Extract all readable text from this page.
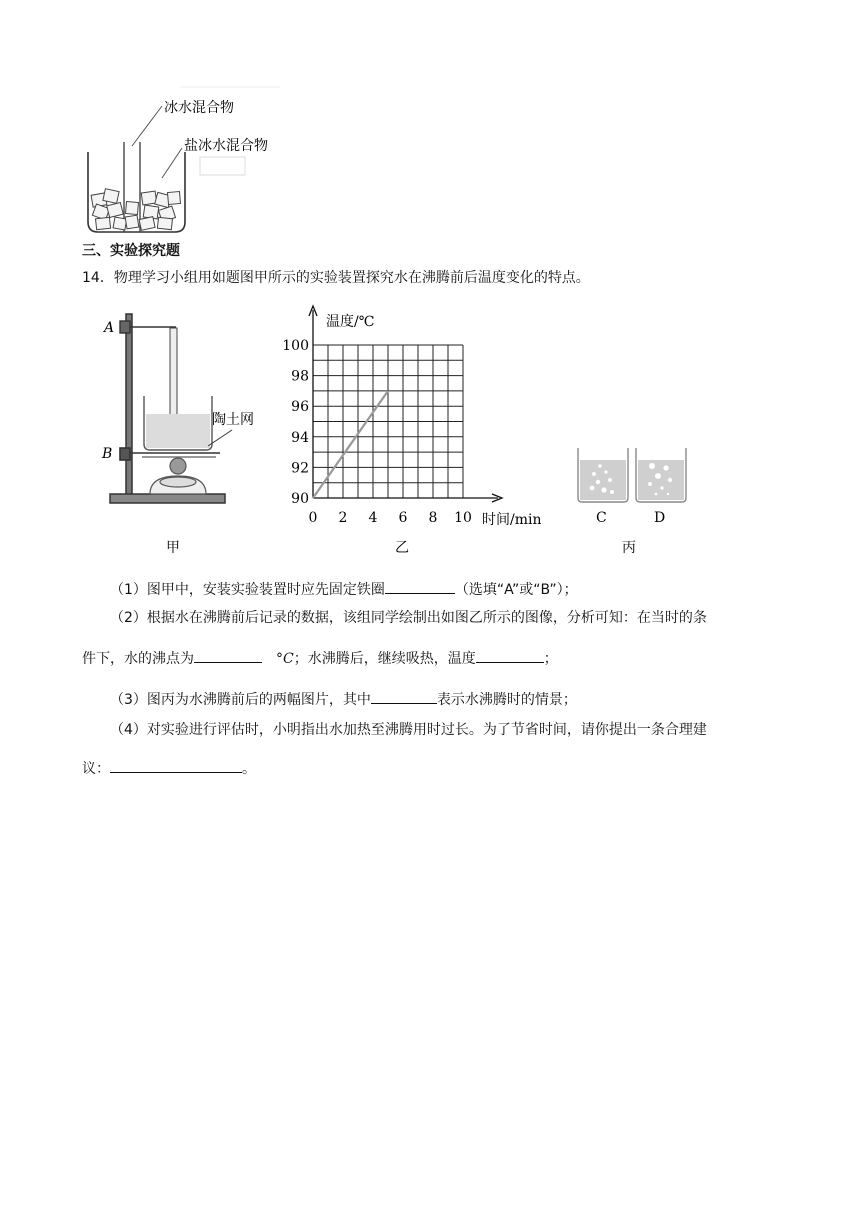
冰水混合物
盐冰水混合物
三、实验探究题
14．物理学习小组用如题图甲所示的实验装置探究水在沸腾前后温度变化的特点。
A
B
陶土网
甲
0 2 4 6 8 10
90
92
94
96
98
100
温度/℃
时间/min
乙
C	D
丙
（1）图甲中，安装实验装置时应先固定铁圈	（选填“A”或“B”）；
（2）根据水在沸腾前后记录的数据，该组同学绘制出如图乙所示的图像，分析可知：在当时的条
件下，水的沸点为	°C；水沸腾后，继续吸热，温度	；
（3）图丙为水沸腾前后的两幅图片，其中	表示水沸腾时的情景；
（4）对实验进行评估时，小明指出水加热至沸腾用时过长。为了节省时间，请你提出一条合理建
议：	。
